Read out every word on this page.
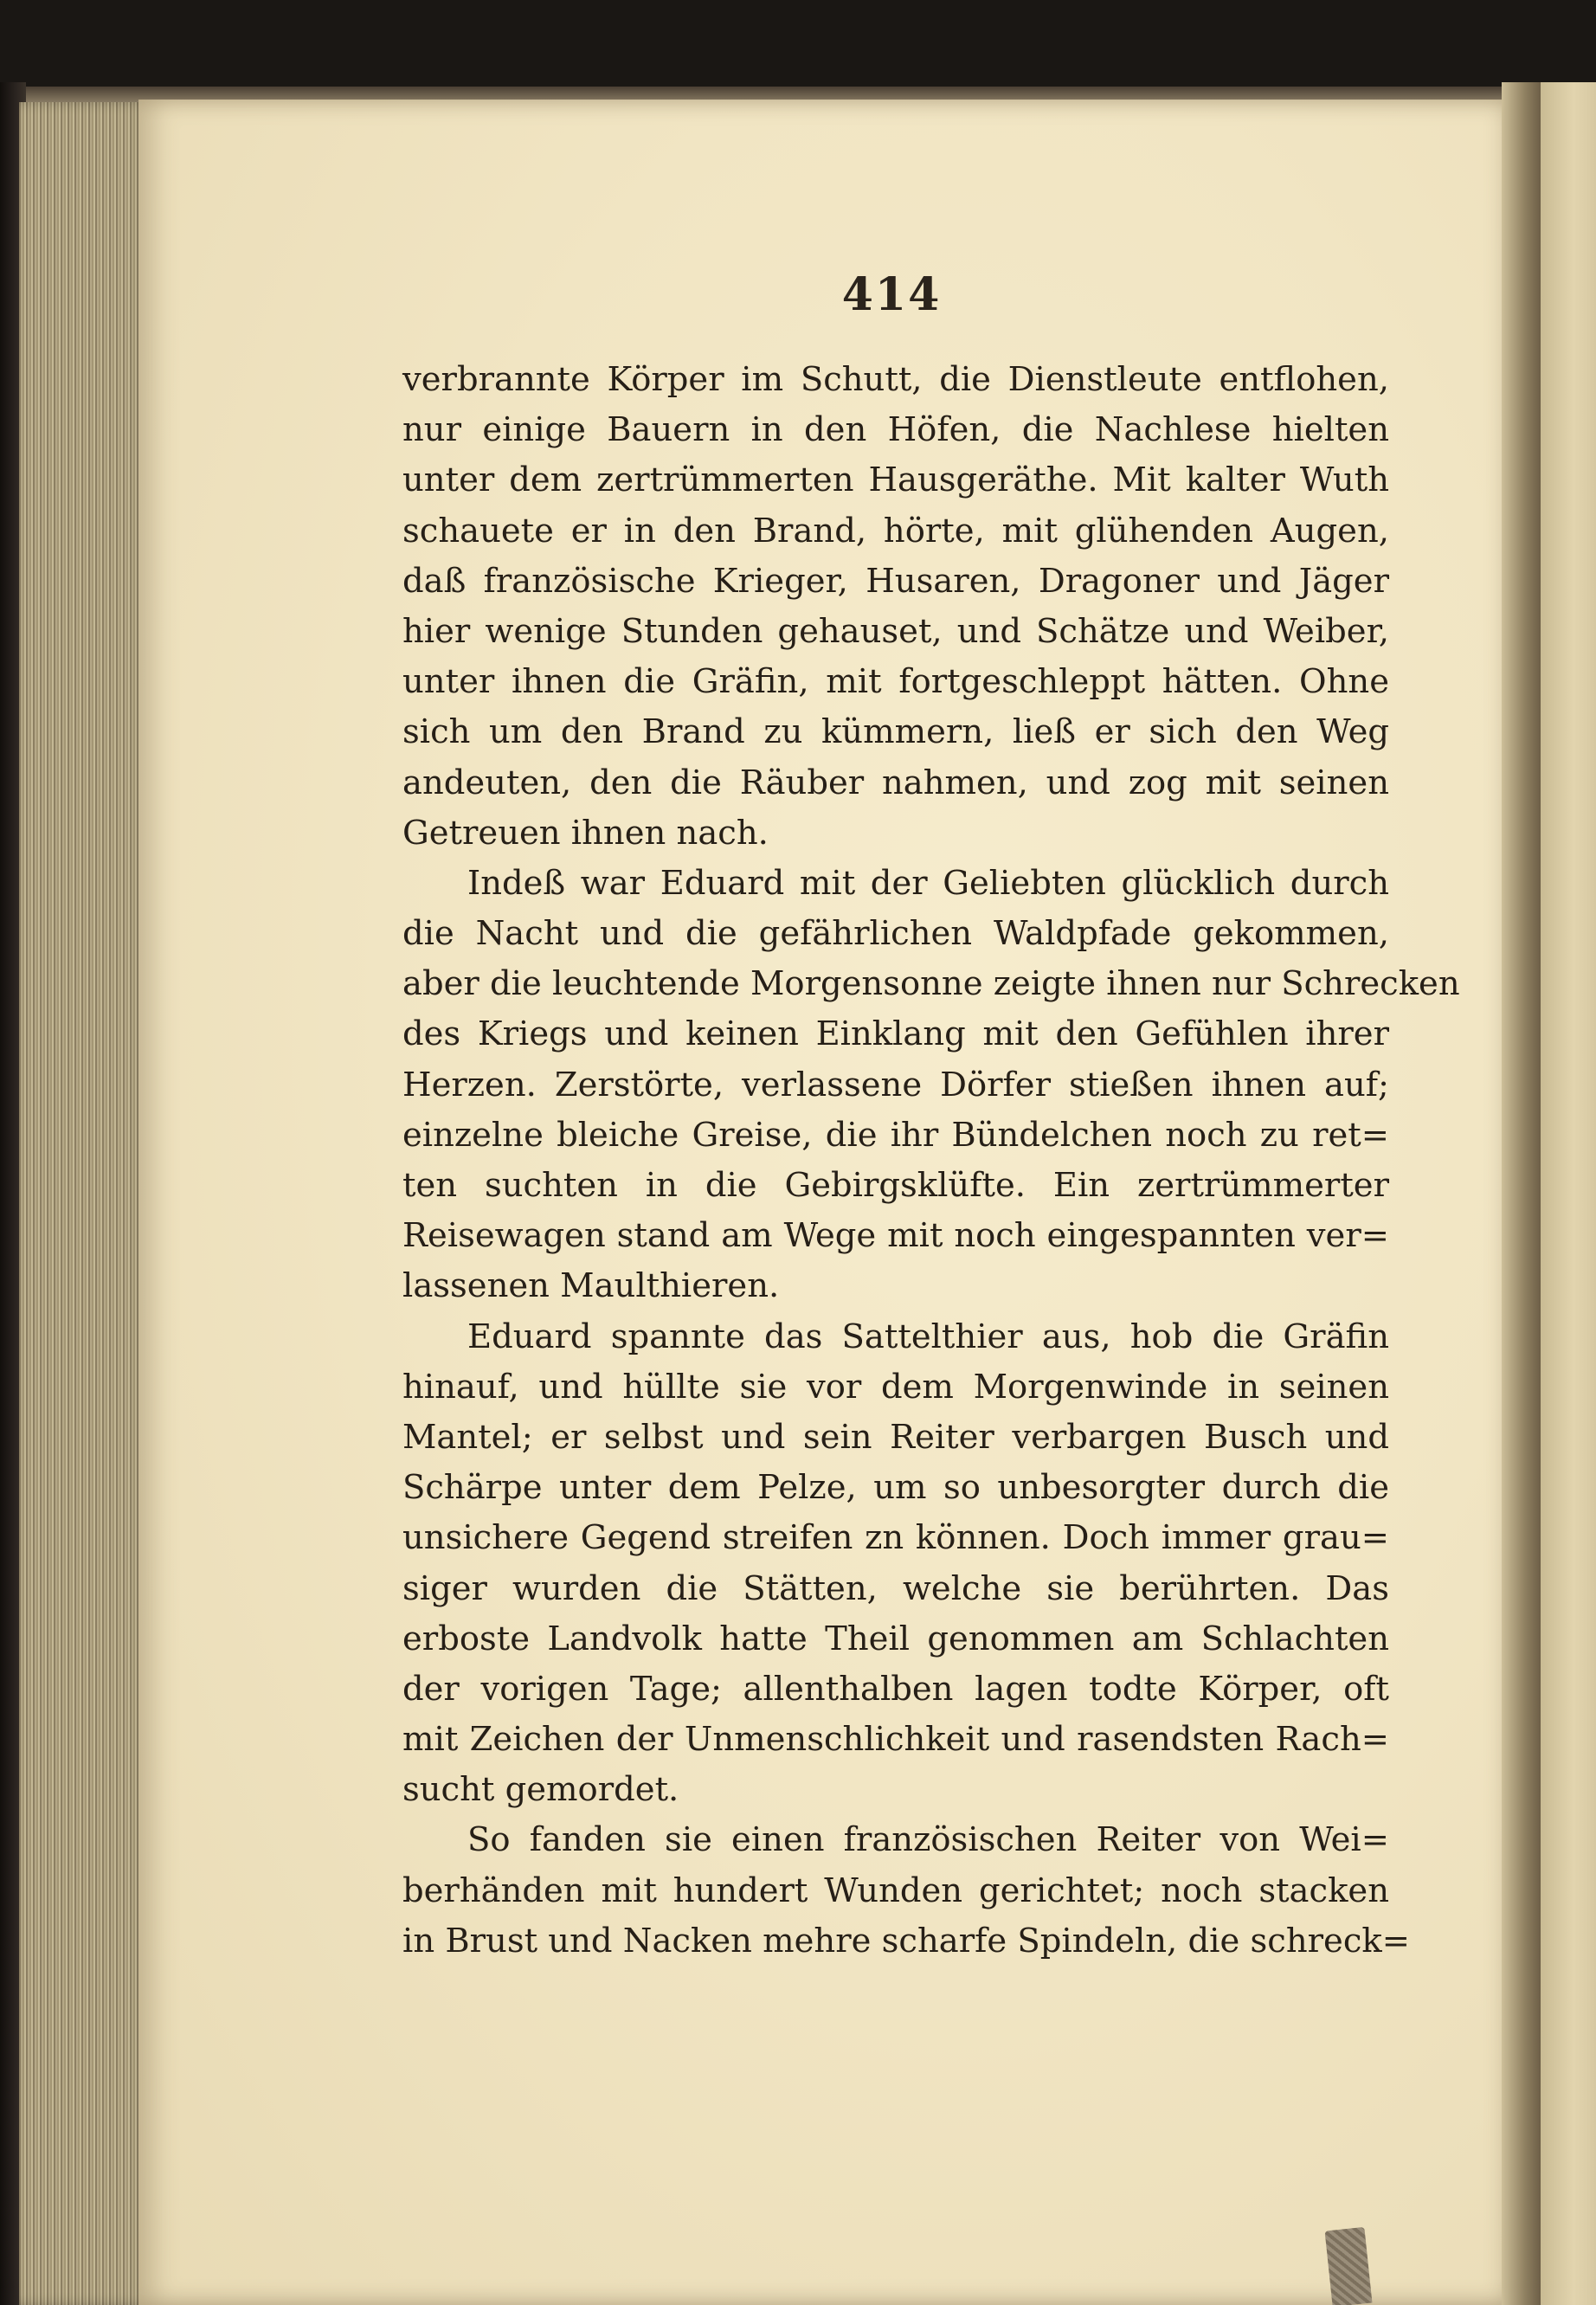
414
verbrannte Körper im Schutt, die Dienstleute entflohen,
nur einige Bauern in den Höfen, die Nachlese hielten
unter dem zertrümmerten Hausgeräthe. Mit kalter Wuth
schauete er in den Brand, hörte, mit glühenden Augen,
daß französische Krieger, Husaren, Dragoner und Jäger
hier wenige Stunden gehauset, und Schätze und Weiber,
unter ihnen die Gräfin, mit fortgeschleppt hätten. Ohne
sich um den Brand zu kümmern, ließ er sich den Weg
andeuten, den die Räuber nahmen, und zog mit seinen
Getreuen ihnen nach.
Indeß war Eduard mit der Geliebten glücklich durch
die Nacht und die gefährlichen Waldpfade gekommen,
aber die leuchtende Morgensonne zeigte ihnen nur Schrecken
des Kriegs und keinen Einklang mit den Gefühlen ihrer
Herzen. Zerstörte, verlassene Dörfer stießen ihnen auf;
einzelne bleiche Greise, die ihr Bündelchen noch zu ret=
ten suchten in die Gebirgsklüfte. Ein zertrümmerter
Reisewagen stand am Wege mit noch eingespannten ver=
lassenen Maulthieren.
Eduard spannte das Sattelthier aus, hob die Gräfin
hinauf, und hüllte sie vor dem Morgenwinde in seinen
Mantel; er selbst und sein Reiter verbargen Busch und
Schärpe unter dem Pelze, um so unbesorgter durch die
unsichere Gegend streifen zn können. Doch immer grau=
siger wurden die Stätten, welche sie berührten. Das
erboste Landvolk hatte Theil genommen am Schlachten
der vorigen Tage; allenthalben lagen todte Körper, oft
mit Zeichen der Unmenschlichkeit und rasendsten Rach=
sucht gemordet.
So fanden sie einen französischen Reiter von Wei=
berhänden mit hundert Wunden gerichtet; noch stacken
in Brust und Nacken mehre scharfe Spindeln, die schreck=
